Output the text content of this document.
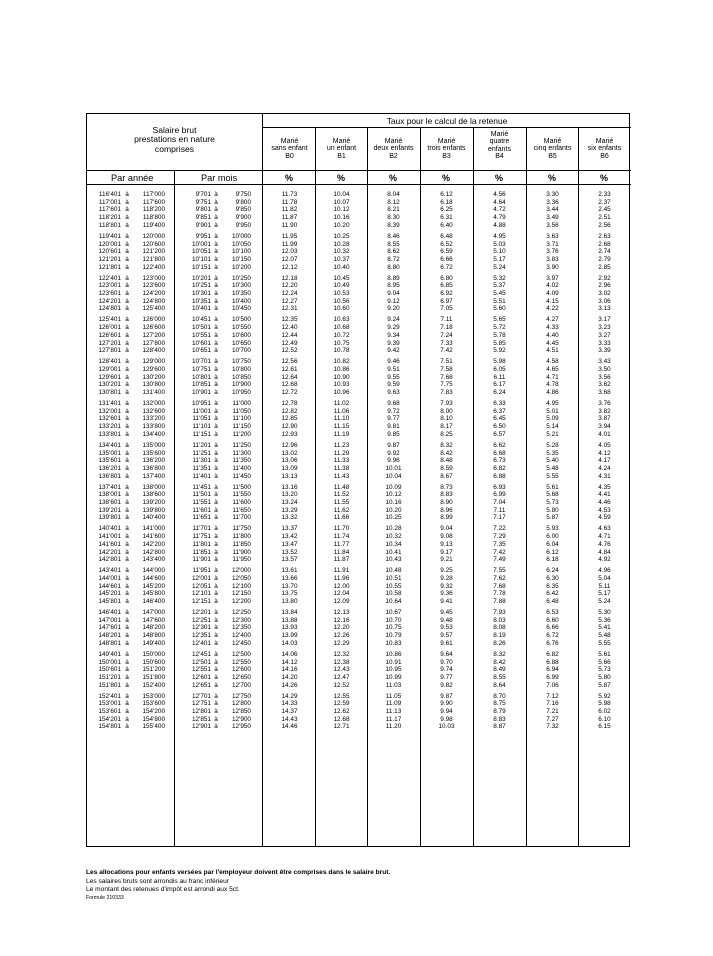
Salaire brut
prestations en nature
comprises
Taux pour le calcul de la retenue
Par année	Par mois
Marié
sans enfant
B0
%
Marié
un enfant
B1
%
Marié
deux enfants
B2
%
Marié
trois enfants
B3
%
Marié
quatre
enfants
B4
%
Marié
cinq enfants
B5
%
Marié
six enfants
B6
%
116'401 à	117'000	9'701 à	9'750	11.73	10.04	8.04	6.12	4.56	3.30	2.33
117'001 à	117'600	9'751 à	9'800	11.78	10.07	8.12	6.18	4.64	3.36	2.37
117'601 à	118'200	9'801 à	9'850	11.82	10.12	8.21	6.25	4.72	3.44	2.45
118'201 à	118'800	9'851 à	9'900	11.87	10.16	8.30	6.31	4.79	3.49	2.51
118'801 à	119'400	9'901 à	9'950	11.90	10.20	8.39	6.40	4.88	3.56	2.56
119'401 à	120'000	9'951 à	10'000	11.95	10.25	8.46	6.48	4.95	3.63	2.63
120'001 à	120'600	10'001 à	10'050	11.99	10.28	8.55	6.52	5.03	3.71	2.68
120'601 à	121'200	10'051 à	10'100	12.03	10.32	8.62	6.59	5.10	3.76	2.74
121'201 à	121'800	10'101 à	10'150	12.07	10.37	8.72	6.66	5.17	3.83	2.79
121'801 à	122'400	10'151 à	10'200	12.12	10.40	8.80	6.72	5.24	3.90	2.85
122'401 à	123'000	10'201 à	10'250	12.18	10.45	8.89	6.80	5.32	3.97	2.92
123'001 à	123'600	10'251 à	10'300	12.20	10.49	8.95	6.85	5.37	4.02	2.96
123'601 à	124'200	10'301 à	10'350	12.24	10.53	9.04	6.92	5.45	4.09	3.02
124'201 à	124'800	10'351 à	10'400	12.27	10.56	9.12	6.97	5.51	4.15	3.06
124'801 à	125'400	10'401 à	10'450	12.31	10.60	9.20	7.05	5.60	4.22	3.13
125'401 à	126'000	10'451 à	10'500	12.35	10.63	9.24	7.11	5.65	4.27	3.17
126'001 à	126'600	10'501 à	10'550	12.40	10.68	9.29	7.18	5.72	4.33	3.23
126'601 à	127'200	10'551 à	10'600	12.44	10.72	9.34	7.24	5.78	4.40	3.27
127'201 à	127'800	10'601 à	10'650	12.49	10.75	9.39	7.33	5.85	4.45	3.33
127'801 à	128'400	10'651 à	10'700	12.52	10.78	9.42	7.42	5.92	4.51	3.39
128'401 à	129'000	10'701 à	10'750	12.56	10.82	9.46	7.51	5.98	4.58	3.43
129'001 à	129'600	10'751 à	10'800	12.61	10.86	9.51	7.58	6.05	4.65	3.50
129'601 à	130'200	10'801 à	10'850	12.64	10.90	9.55	7.68	6.11	4.71	3.56
130'201 à	130'800	10'851 à	10'900	12.68	10.93	9.59	7.75	6.17	4.78	3.62
130'801 à	131'400	10'901 à	10'950	12.72	10.96	9.63	7.83	6.24	4.86	3.68
131'401 à	132'000	10'951 à	11'000	12.78	11.02	9.68	7.93	6.33	4.95	3.76
132'001 à	132'600	11'001 à	11'050	12.82	11.06	9.72	8.00	6.37	5.01	3.82
132'601 à	133'200	11'051 à	11'100	12.85	11.10	9.77	8.10	6.45	5.09	3.87
133'201 à	133'800	11'101 à	11'150	12.90	11.15	9.81	8.17	6.50	5.14	3.94
133'801 à	134'400	11'151 à	11'200	12.93	11.19	9.85	8.25	6.57	5.21	4.01
134'401 à	135'000	11'201 à	11'250	12.96	11.23	9.87	8.32	6.62	5.28	4.05
135'001 à	135'600	11'251 à	11'300	13.02	11.29	9.92	8.42	6.68	5.35	4.12
135'601 à	136'200	11'301 à	11'350	13.06	11.33	9.96	8.48	6.73	5.40	4.17
136'201 à	136'800	11'351 à	11'400	13.09	11.38	10.01	8.59	6.82	5.48	4.24
136'801 à	137'400	11'401 à	11'450	13.13	11.43	10.04	8.67	6.88	5.55	4.31
137'401 à	138'000	11'451 à	11'500	13.16	11.48	10.09	8.73	6.93	5.61	4.35
138'001 à	138'600	11'501 à	11'550	13.20	11.52	10.12	8.83	6.99	5.68	4.41
138'601 à	139'200	11'551 à	11'600	13.24	11.55	10.16	8.90	7.04	5.73	4.46
139'201 à	139'800	11'601 à	11'650	13.29	11.62	10.20	8.96	7.11	5.80	4.53
139'801 à	140'400	11'651 à	11'700	13.32	11.66	10.25	8.99	7.17	5.87	4.59
140'401 à	141'000	11'701 à	11'750	13.37	11.70	10.28	9.04	7.22	5.93	4.63
141'001 à	141'600	11'751 à	11'800	13.42	11.74	10.32	9.08	7.29	6.00	4.71
141'601 à	142'200	11'801 à	11'850	13.47	11.77	10.34	9.13	7.35	6.04	4.76
142'201 à	142'800	11'851 à	11'900	13.52	11.84	10.41	9.17	7.42	6.12	4.84
142'801 à	143'400	11'901 à	11'950	13.57	11.87	10.43	9.21	7.49	6.18	4.92
143'401 à	144'000	11'951 à	12'000	13.61	11.91	10.48	9.25	7.55	6.24	4.96
144'001 à	144'600	12'001 à	12'050	13.66	11.96	10.51	9.28	7.62	6.30	5.04
144'601 à	145'200	12'051 à	12'100	13.70	12.00	10.55	9.32	7.68	6.35	5.11
145'201 à	145'800	12'101 à	12'150	13.75	12.04	10.58	9.36	7.78	6.42	5.17
145'801 à	146'400	12'151 à	12'200	13.80	12.09	10.64	9.41	7.88	6.48	5.24
146'401 à	147'000	12'201 à	12'250	13.84	12.13	10.67	9.45	7.93	6.53	5.30
147'001 à	147'600	12'251 à	12'300	13.88	12.16	10.70	9.48	8.03	6.60	5.36
147'601 à	148'200	12'301 à	12'350	13.93	12.20	10.75	9.53	8.08	6.66	5.41
148'201 à	148'800	12'351 à	12'400	13.99	12.26	10.79	9.57	8.19	6.72	5.48
148'801 à	149'400	12'401 à	12'450	14.03	12.29	10.83	9.61	8.26	6.76	5.55
149'401 à	150'000	12'451 à	12'500	14.06	12.32	10.86	9.64	8.32	6.82	5.61
150'001 à	150'600	12'501 à	12'550	14.12	12.38	10.91	9.70	8.42	6.88	5.66
150'601 à	151'200	12'551 à	12'600	14.16	12.43	10.95	9.74	8.49	6.94	5.73
151'201 à	151'800	12'601 à	12'650	14.20	12.47	10.99	9.77	8.55	6.99	5.80
151'801 à	152'400	12'651 à	12'700	14.26	12.52	11.03	9.82	8.64	7.06	5.87
152'401 à	153'000	12'701 à	12'750	14.29	12.55	11.05	9.87	8.70	7.12	5.92
153'001 à	153'600	12'751 à	12'800	14.33	12.59	11.09	9.90	8.75	7.16	5.98
153'601 à	154'200	12'801 à	12'850	14.37	12.62	11.13	9.94	8.79	7.21	6.02
154'201 à	154'800	12'851 à	12'900	14.43	12.68	11.17	9.98	8.83	7.27	6.10
154'801 à	155'400	12'901 à	12'950	14.46	12.71	11.20	10.03	8.87	7.32	6.15
Les allocations pour enfants versées par l'employeur doivent être comprises dans le salaire brut.
Les salaires bruts sont arrondis au franc inférieur
Le montant des retenues d'impôt est arrondi aux 5ct.
Formule 210333
